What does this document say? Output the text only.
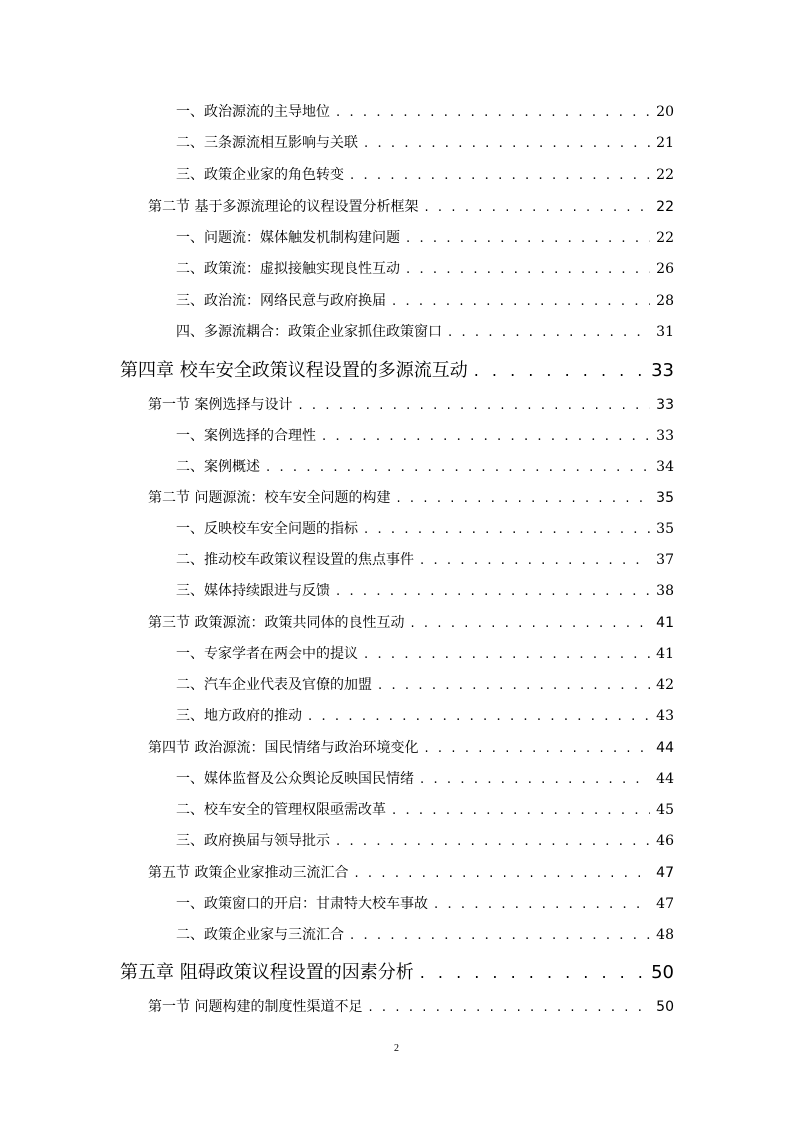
一、政治源流的主导地位 . . .	20
二、三条源流相互影响与关联 . . .	21
三、政策企业家的角色转变 . . .	22
第二节 基于多源流理论的议程设置分析框架 . . .	22
一、问题流：媒体触发机制构建问题 . . .	22
二、政策流：虚拟接触实现良性互动 . . .	26
三、政治流：网络民意与政府换届 . . .	28
四、多源流耦合：政策企业家抓住政策窗口 . . .	31
第四章 校车安全政策议程设置的多源流互动 . . .	33
第一节 案例选择与设计 . . .	33
一、案例选择的合理性 . . .	33
二、案例概述 . . .	34
第二节 问题源流：校车安全问题的构建 . . .	35
一、反映校车安全问题的指标 . . .	35
二、推动校车政策议程设置的焦点事件 . . .	37
三、媒体持续跟进与反馈 . . .	38
第三节 政策源流：政策共同体的良性互动 . . .	41
一、专家学者在两会中的提议 . . .	41
二、汽车企业代表及官僚的加盟 . . .	42
三、地方政府的推动 . . .	43
第四节 政治源流：国民情绪与政治环境变化 . . .	44
一、媒体监督及公众舆论反映国民情绪 . . .	44
二、校车安全的管理权限亟需改革 . . .	45
三、政府换届与领导批示 . . .	46
第五节 政策企业家推动三流汇合 . . .	47
一、政策窗口的开启：甘肃特大校车事故 . . .	47
二、政策企业家与三流汇合 . . .	48
第五章 阻碍政策议程设置的因素分析 . . .	50
第一节 问题构建的制度性渠道不足 . . .	50
2
